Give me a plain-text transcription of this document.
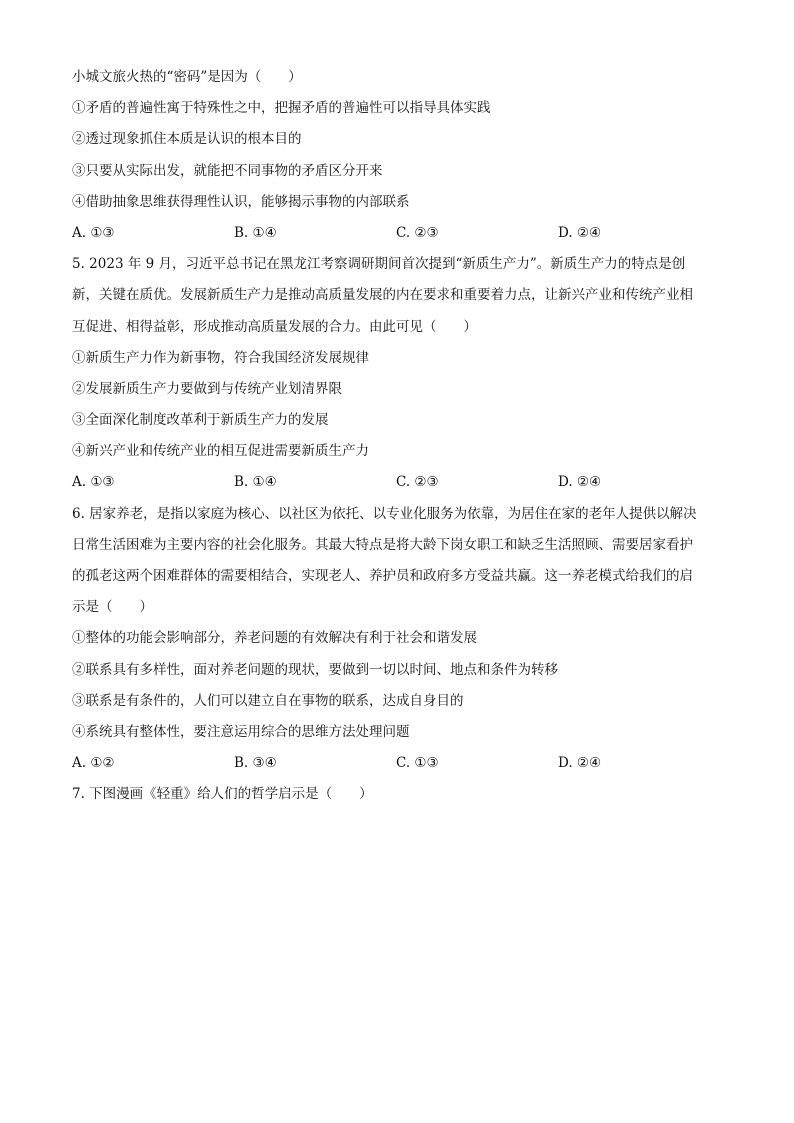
小城文旅火热的“密码”是因为（　　）
①矛盾的普遍性寓于特殊性之中，把握矛盾的普遍性可以指导具体实践
②透过现象抓住本质是认识的根本目的
③只要从实际出发，就能把不同事物的矛盾区分开来
④借助抽象思维获得理性认识，能够揭示事物的内部联系
A. ①③	B. ①④	C. ②③	D. ②④
5. 2023 年 9 月，习近平总书记在黑龙江考察调研期间首次提到“新质生产力”。新质生产力的特点是创
新，关键在质优。发展新质生产力是推动高质量发展的内在要求和重要着力点，让新兴产业和传统产业相
互促进、相得益彰，形成推动高质量发展的合力。由此可见（　　）
①新质生产力作为新事物，符合我国经济发展规律
②发展新质生产力要做到与传统产业划清界限
③全面深化制度改革利于新质生产力的发展
④新兴产业和传统产业的相互促进需要新质生产力
A. ①③	B. ①④	C. ②③	D. ②④
6. 居家养老，是指以家庭为核心、以社区为依托、以专业化服务为依靠，为居住在家的老年人提供以解决
日常生活困难为主要内容的社会化服务。其最大特点是将大龄下岗女职工和缺乏生活照顾、需要居家看护
的孤老这两个困难群体的需要相结合，实现老人、养护员和政府多方受益共赢。这一养老模式给我们的启
示是（　　）
①整体的功能会影响部分，养老问题的有效解决有利于社会和谐发展
②联系具有多样性，面对养老问题的现状，要做到一切以时间、地点和条件为转移
③联系是有条件的，人们可以建立自在事物的联系，达成自身目的
④系统具有整体性，要注意运用综合的思维方法处理问题
A. ①②	B. ③④	C. ①③	D. ②④
7. 下图漫画《轻重》给人们的哲学启示是（　　）
